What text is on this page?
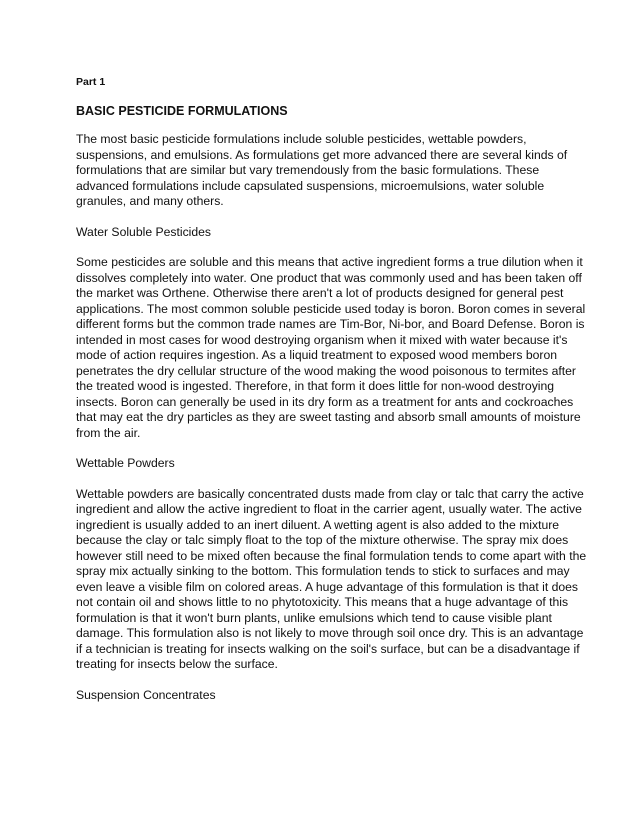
Part 1
BASIC PESTICIDE FORMULATIONS

The most basic pesticide formulations include soluble pesticides, wettable powders, suspensions, and emulsions. As formulations get more advanced there are several kinds of formulations that are similar but vary tremendously from the basic formulations. These advanced formulations include capsulated suspensions, microemulsions, water soluble granules, and many others.

Water Soluble Pesticides

Some pesticides are soluble and this means that active ingredient forms a true dilution when it dissolves completely into water. One product that was commonly used and has been taken off the market was Orthene. Otherwise there aren't a lot of products designed for general pest applications. The most common soluble pesticide used today is boron. Boron comes in several different forms but the common trade names are Tim-Bor, Ni-bor, and Board Defense. Boron is intended in most cases for wood destroying organism when it mixed with water because it's mode of action requires ingestion. As a liquid treatment to exposed wood members boron penetrates the dry cellular structure of the wood making the wood poisonous to termites after the treated wood is ingested. Therefore, in that form it does little for non-wood destroying insects. Boron can generally be used in its dry form as a treatment for ants and cockroaches that may eat the dry particles as they are sweet tasting and absorb small amounts of moisture from the air.

Wettable Powders

Wettable powders are basically concentrated dusts made from clay or talc that carry the active ingredient and allow the active ingredient to float in the carrier agent, usually water. The active ingredient is usually added to an inert diluent. A wetting agent is also added to the mixture because the clay or talc simply float to the top of the mixture otherwise. The spray mix does however still need to be mixed often because the final formulation tends to come apart with the spray mix actually sinking to the bottom. This formulation tends to stick to surfaces and may even leave a visible film on colored areas. A huge advantage of this formulation is that it does not contain oil and shows little to no phytotoxicity. This means that a huge advantage of this formulation is that it won't burn plants, unlike emulsions which tend to cause visible plant damage. This formulation also is not likely to move through soil once dry. This is an advantage if a technician is treating for insects walking on the soil's surface, but can be a disadvantage if treating for insects below the surface.

Suspension Concentrates
